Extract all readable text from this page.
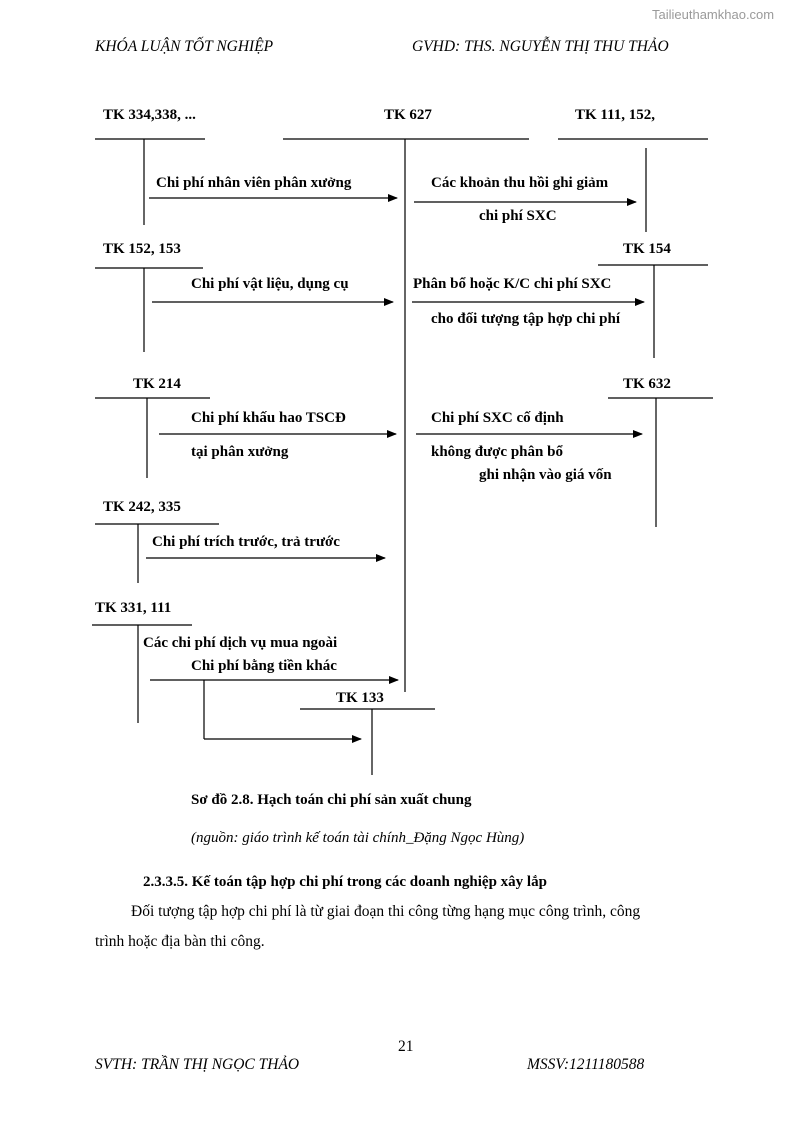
Tailieuthamkhao.com
KHÓA LUẬN TỐT NGHIỆP	GVHD: THS. NGUYỄN THỊ THU THẢO
TK 334,338, ...	TK 627	TK 111, 152,
TK 152, 153	TK 154
TK 214	TK 632
TK 242, 335
TK 331, 111
TK 133
Chi phí nhân viên phân xưởng	Các khoản thu hồi ghi giảm
chi phí SXC
Chi phí vật liệu, dụng cụ	Phân bổ hoặc K/C chi phí SXC
cho đối tượng tập hợp chi phí
Chi phí khấu hao TSCĐ
tại phân xưởng
Chi phí SXC cố định
không được phân bổ
ghi nhận vào giá vốn
Chi phí trích trước, trả trước
Các chi phí dịch vụ mua ngoài
Chi phí bằng tiền khác
Sơ đồ 2.8. Hạch toán chi phí sản xuất chung
(nguồn: giáo trình kế toán tài chính_Đặng Ngọc Hùng)
2.3.3.5. Kế toán tập hợp chi phí trong các doanh nghiệp xây lắp
Đối tượng tập hợp chi phí là từ giai đoạn thi công từng hạng mục công trình, công
trình hoặc địa bàn thi công.
21
SVTH: TRẦN THỊ NGỌC THẢO	MSSV:1211180588
